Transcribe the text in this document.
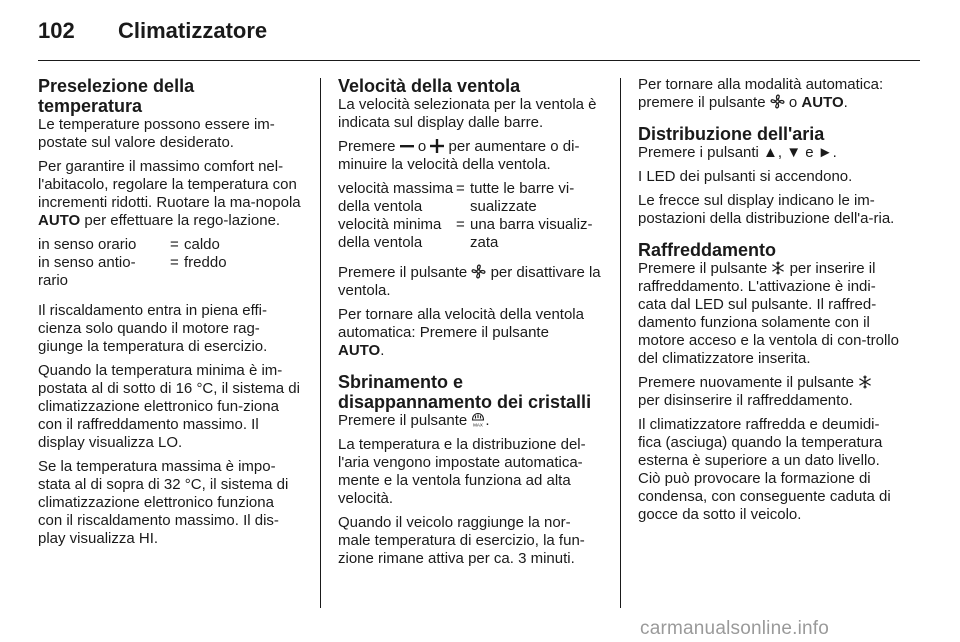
102 Climatizzatore
Preselezione della temperatura

Le temperature possono essere im-postate sul valore desiderato.

Per garantire il massimo comfort nel-l'abitacolo, regolare la temperatura con incrementi ridotti. Ruotare la ma-nopola AUTO per effettuare la rego-lazione.

in senso orario	=	caldo
in senso antio-rario	=	freddo

Il riscaldamento entra in piena effi-cienza solo quando il motore rag-giunge la temperatura di esercizio.

Quando la temperatura minima è im-postata al di sotto di 16 °C, il sistema di climatizzazione elettronico fun-ziona con il raffreddamento massimo. Il display visualizza LO.

Se la temperatura massima è impo-stata al di sopra di 32 °C, il sistema di climatizzazione elettronico funziona con il riscaldamento massimo. Il dis-play visualizza HI.

Velocità della ventola

La velocità selezionata per la ventola è indicata sul display dalle barre.

Premere  o  per aumentare o di-minuire la velocità della ventola.

velocità massima della ventola	=	tutte le barre vi-sualizzate
velocità minima della ventola	=	una barra visualiz-zata

Premere il pulsante  per disattivare la ventola.

Per tornare alla velocità della ventola automatica: Premere il pulsante
AUTO.

Sbrinamento e disappannamento dei cristalli

Premere il pulsante MAX .

La temperatura e la distribuzione del-l'aria vengono impostate automatica-mente e la ventola funziona ad alta velocità.

Quando il veicolo raggiunge la nor-male temperatura di esercizio, la fun-zione rimane attiva per ca. 3 minuti.

Per tornare alla modalità automatica: premere il pulsante  o AUTO.

Distribuzione dell'aria

Premere i pulsanti ▲, ▼ e ►.

I LED dei pulsanti si accendono.

Le frecce sul display indicano le im-postazioni della distribuzione dell'a-ria.

Raffreddamento

Premere il pulsante  per inserire il raffreddamento. L'attivazione è indi-cata dal LED sul pulsante. Il raffred-damento funziona solamente con il motore acceso e la ventola di con-trollo del climatizzatore inserita.

Premere nuovamente il pulsante
per disinserire il raffreddamento.

Il climatizzatore raffredda e deumidi-fica (asciuga) quando la temperatura esterna è superiore a un dato livello. Ciò può provocare la formazione di condensa, con conseguente caduta di gocce da sotto il veicolo.

carmanualsonline.info
